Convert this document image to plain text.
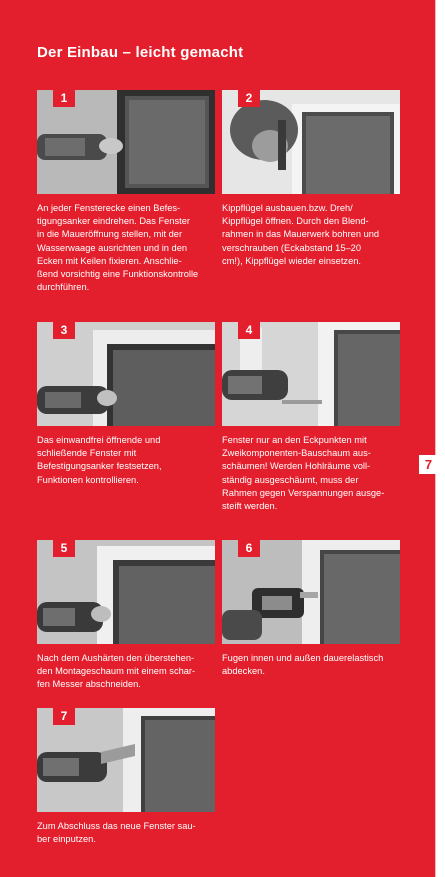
Der Einbau – leicht gemacht
7
1
An jeder Fensterecke einen Befes-
tigungsanker eindrehen. Das Fenster
in die Maueröffnung stellen, mit der
Wasserwaage ausrichten und in den
Ecken mit Keilen fixieren. Anschlie-
ßend vorsichtig eine Funktionskontrolle
durchführen.
2
Kippflügel ausbauen.bzw. Dreh/
Kippflügel öffnen. Durch den Blend-
rahmen in das Mauerwerk bohren und
verschrauben (Eckabstand 15–20
cm!), Kippflügel wieder einsetzen.
3
Das einwandfrei öffnende und
schließende Fenster mit
Befestigungsanker festsetzen,
Funktionen kontrollieren.
4
Fenster nur an den Eckpunkten mit
Zweikomponenten-Bauschaum aus-
schäumen! Werden Hohlräume voll-
ständig ausgeschäumt, muss der
Rahmen gegen Verspannungen ausge-
steift werden.
5
Nach dem Aushärten den überstehen-
den Montageschaum mit einem schar-
fen Messer abschneiden.
6
Fugen innen und außen dauerelastisch
abdecken.
7
Zum Abschluss das neue Fenster sau-
ber einputzen.
